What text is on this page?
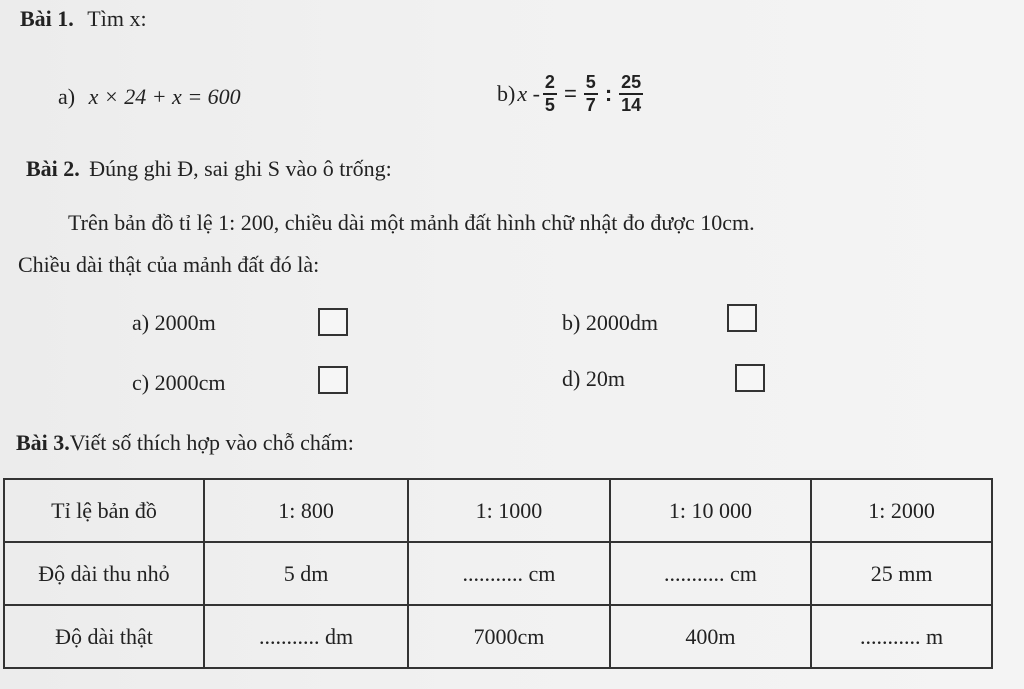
Bài 1. Tìm x:
a) x × 24 + x = 600	b) $x - \frac{2}{5} = \frac{5}{7}$ : $\frac{25}{14}$
Bài 2. Đúng ghi Đ, sai ghi S vào ô trống:
Trên bản đồ tỉ lệ 1: 200, chiều dài một mảnh đất hình chữ nhật đo được 10cm.
Chiều dài thật của mảnh đất đó là:
a) 2000m	b) 2000dm
c) 2000cm	d) 20m
Bài 3.Viết số thích hợp vào chỗ chấm:
Tỉ lệ bản đồ	1: 800	1: 1000	1: 10 000	1: 2000
Độ dài thu nhỏ	5 dm	........... cm	........... cm	25 mm
Độ dài thật	........... dm	7000cm	400m	........... m
